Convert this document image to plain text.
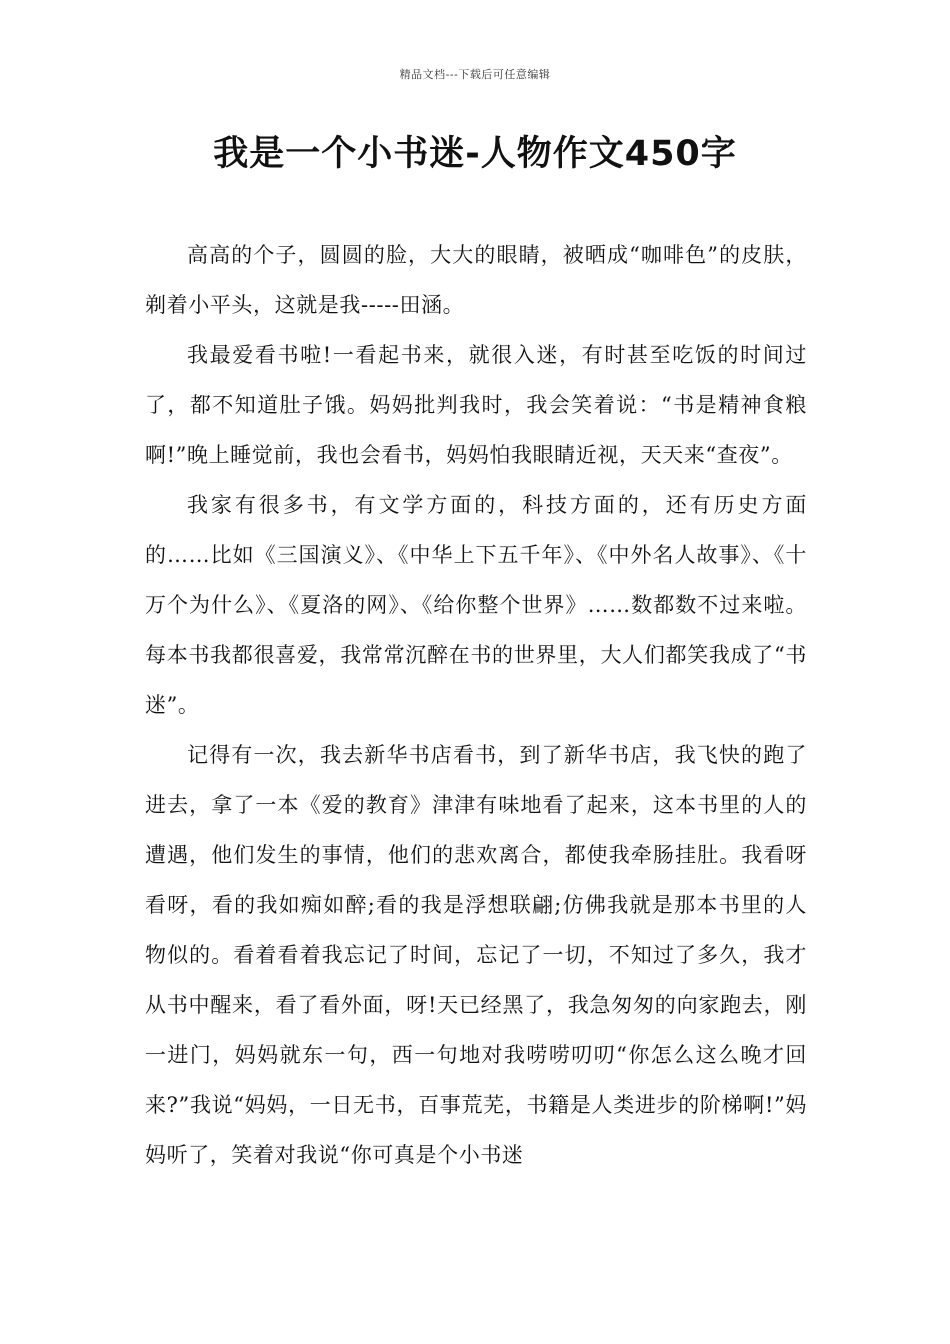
精品文档---下载后可任意编辑
我是一个小书迷-人物作文450字

高高的个子，圆圆的脸，大大的眼睛，被晒成“咖啡色”的皮肤，剃着小平头，这就是我-----田涵。

我最爱看书啦!一看起书来，就很入迷，有时甚至吃饭的时间过了，都不知道肚子饿。妈妈批判我时，我会笑着说：“书是精神食粮啊!”晚上睡觉前，我也会看书，妈妈怕我眼睛近视，天天来“查夜”。

我家有很多书，有文学方面的，科技方面的，还有历史方面的……比如《三国演义》、《中华上下五千年》、《中外名人故事》、《十万个为什么》、《夏洛的网》、《给你整个世界》……数都数不过来啦。每本书我都很喜爱，我常常沉醉在书的世界里，大人们都笑我成了“书迷”。

记得有一次，我去新华书店看书，到了新华书店，我飞快的跑了进去，拿了一本《爱的教育》津津有味地看了起来，这本书里的人的遭遇，他们发生的事情，他们的悲欢离合，都使我牵肠挂肚。我看呀看呀，看的我如痴如醉;看的我是浮想联翩;仿佛我就是那本书里的人物似的。看着看着我忘记了时间，忘记了一切，不知过了多久，我才从书中醒来，看了看外面，呀!天已经黑了，我急匆匆的向家跑去，刚一进门，妈妈就东一句，西一句地对我唠唠叨叨“你怎么这么晚才回来?”我说“妈妈，一日无书，百事荒芜，书籍是人类进步的阶梯啊!”妈妈听了，笑着对我说“你可真是个小书迷
